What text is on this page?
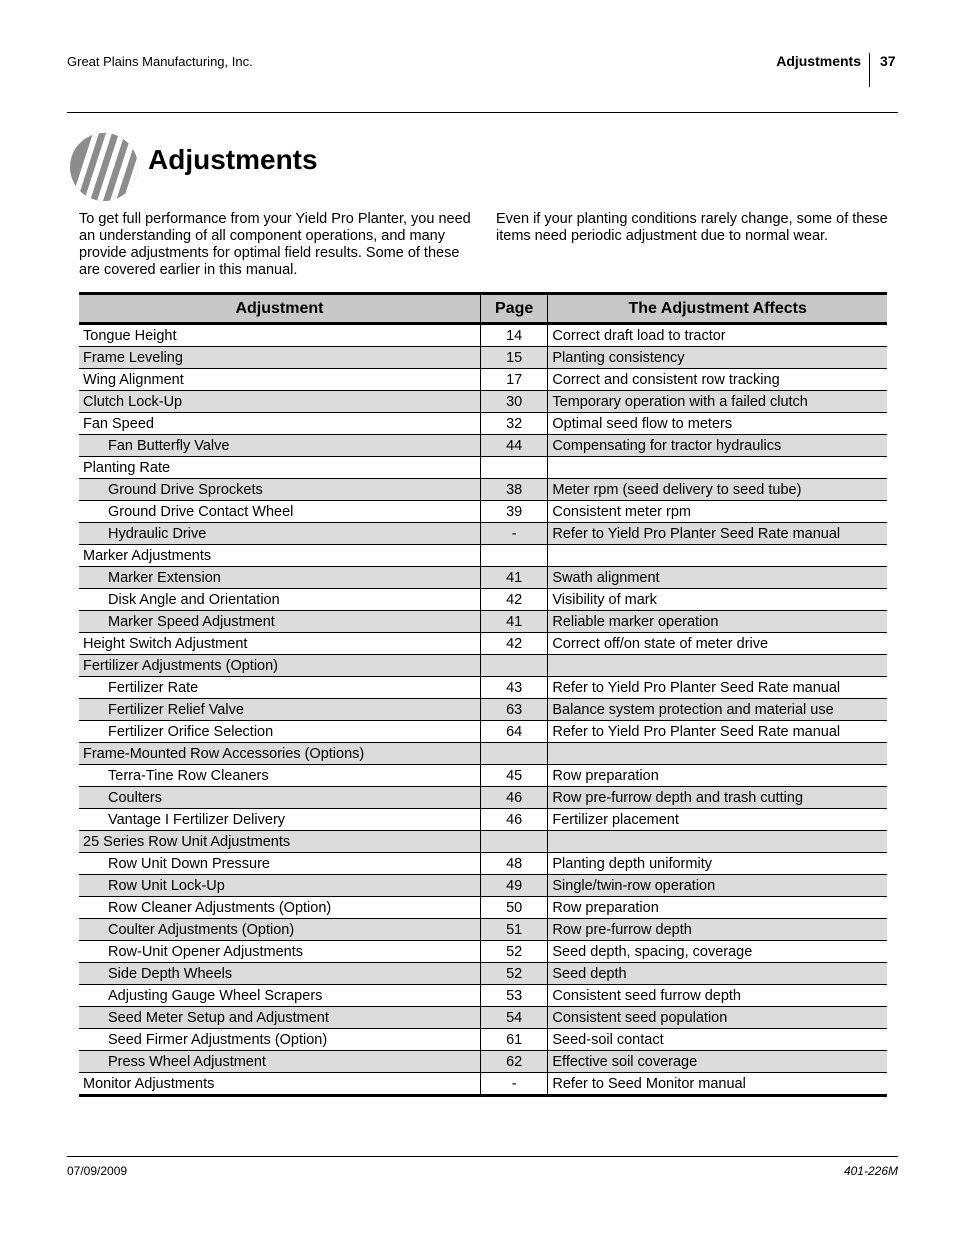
Great Plains Manufacturing, Inc.	Adjustments 37
Adjustments

To get full performance from your Yield Pro Planter, you need an understanding of all component operations, and many provide adjustments for optimal field results. Some of these are covered earlier in this manual.

Even if your planting conditions rarely change, some of these items need periodic adjustment due to normal wear.

Adjustment	Page	The Adjustment Affects
Tongue Height	14	Correct draft load to tractor
Frame Leveling	15	Planting consistency
Wing Alignment	17	Correct and consistent row tracking
Clutch Lock-Up	30	Temporary operation with a failed clutch
Fan Speed	32	Optimal seed flow to meters
Fan Butterfly Valve	44	Compensating for tractor hydraulics
Planting Rate		
Ground Drive Sprockets	38	Meter rpm (seed delivery to seed tube)
Ground Drive Contact Wheel	39	Consistent meter rpm
Hydraulic Drive	-	Refer to Yield Pro Planter Seed Rate manual
Marker Adjustments		
Marker Extension	41	Swath alignment
Disk Angle and Orientation	42	Visibility of mark
Marker Speed Adjustment	41	Reliable marker operation
Height Switch Adjustment	42	Correct off/on state of meter drive
Fertilizer Adjustments (Option)		
Fertilizer Rate	43	Refer to Yield Pro Planter Seed Rate manual
Fertilizer Relief Valve	63	Balance system protection and material use
Fertilizer Orifice Selection	64	Refer to Yield Pro Planter Seed Rate manual
Frame-Mounted Row Accessories (Options)		
Terra-Tine Row Cleaners	45	Row preparation
Coulters	46	Row pre-furrow depth and trash cutting
Vantage I Fertilizer Delivery	46	Fertilizer placement
25 Series Row Unit Adjustments		
Row Unit Down Pressure	48	Planting depth uniformity
Row Unit Lock-Up	49	Single/twin-row operation
Row Cleaner Adjustments (Option)	50	Row preparation
Coulter Adjustments (Option)	51	Row pre-furrow depth
Row-Unit Opener Adjustments	52	Seed depth, spacing, coverage
Side Depth Wheels	52	Seed depth
Adjusting Gauge Wheel Scrapers	53	Consistent seed furrow depth
Seed Meter Setup and Adjustment	54	Consistent seed population
Seed Firmer Adjustments (Option)	61	Seed-soil contact
Press Wheel Adjustment	62	Effective soil coverage
Monitor Adjustments	-	Refer to Seed Monitor manual
07/09/2009	401-226M
